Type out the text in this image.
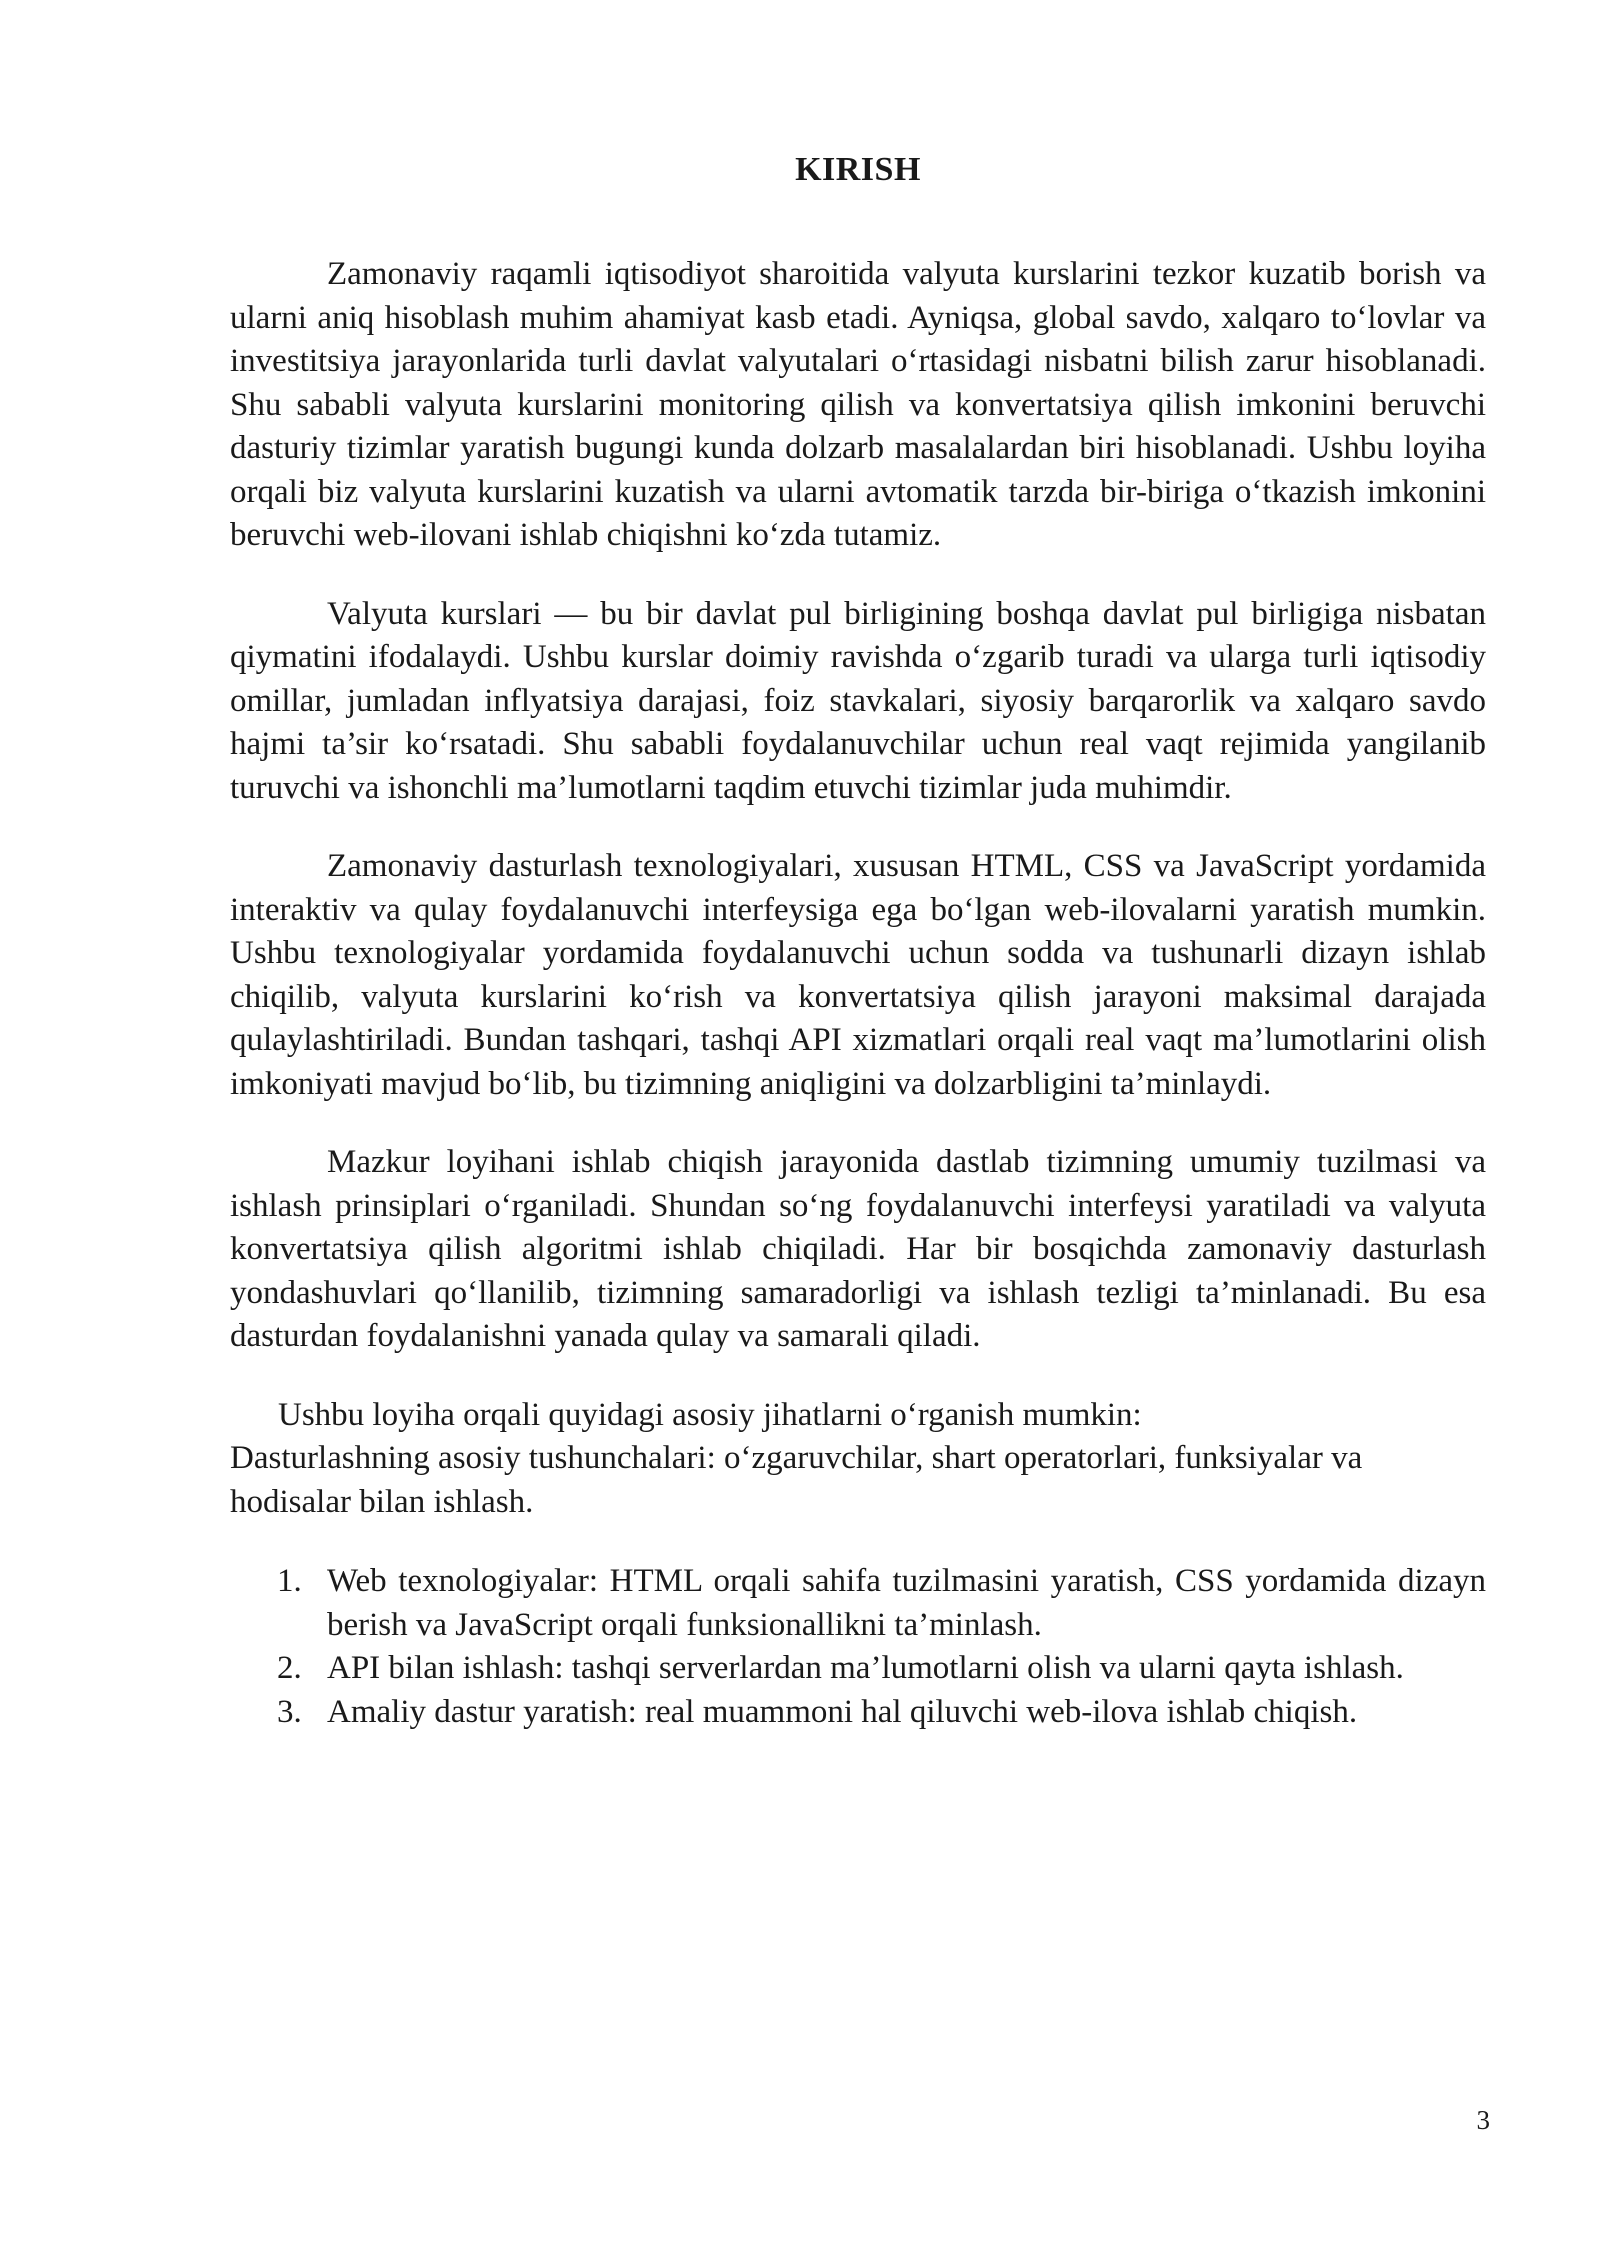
KIRISH

Zamonaviy raqamli iqtisodiyot sharoitida valyuta kurslarini tezkor kuzatib borish va ularni aniq hisoblash muhim ahamiyat kasb etadi. Ayniqsa, global savdo, xalqaro to‘lovlar va investitsiya jarayonlarida turli davlat valyutalari o‘rtasidagi nisbatni bilish zarur hisoblanadi. Shu sababli valyuta kurslarini monitoring qilish va konvertatsiya qilish imkonini beruvchi dasturiy tizimlar yaratish bugungi kunda dolzarb masalalardan biri hisoblanadi. Ushbu loyiha orqali biz valyuta kurslarini kuzatish va ularni avtomatik tarzda bir-biriga o‘tkazish imkonini beruvchi web-ilovani ishlab chiqishni ko‘zda tutamiz.

Valyuta kurslari — bu bir davlat pul birligining boshqa davlat pul birligiga nisbatan qiymatini ifodalaydi. Ushbu kurslar doimiy ravishda o‘zgarib turadi va ularga turli iqtisodiy omillar, jumladan inflyatsiya darajasi, foiz stavkalari, siyosiy barqarorlik va xalqaro savdo hajmi ta’sir ko‘rsatadi. Shu sababli foydalanuvchilar uchun real vaqt rejimida yangilanib turuvchi va ishonchli ma’lumotlarni taqdim etuvchi tizimlar juda muhimdir.

Zamonaviy dasturlash texnologiyalari, xususan HTML, CSS va JavaScript yordamida interaktiv va qulay foydalanuvchi interfeysiga ega bo‘lgan web-ilovalarni yaratish mumkin. Ushbu texnologiyalar yordamida foydalanuvchi uchun sodda va tushunarli dizayn ishlab chiqilib, valyuta kurslarini ko‘rish va konvertatsiya qilish jarayoni maksimal darajada qulaylashtiriladi. Bundan tashqari, tashqi API xizmatlari orqali real vaqt ma’lumotlarini olish imkoniyati mavjud bo‘lib, bu tizimning aniqligini va dolzarbligini ta’minlaydi.

Mazkur loyihani ishlab chiqish jarayonida dastlab tizimning umumiy tuzilmasi va ishlash prinsiplari o‘rganiladi. Shundan so‘ng foydalanuvchi interfeysi yaratiladi va valyuta konvertatsiya qilish algoritmi ishlab chiqiladi. Har bir bosqichda zamonaviy dasturlash yondashuvlari qo‘llanilib, tizimning samaradorligi va ishlash tezligi ta’minlanadi. Bu esa dasturdan foydalanishni yanada qulay va samarali qiladi.

Ushbu loyiha orqali quyidagi asosiy jihatlarni o‘rganish mumkin:

Dasturlashning asosiy tushunchalari: o‘zgaruvchilar, shart operatorlari, funksiyalar va hodisalar bilan ishlash.

1. Web texnologiyalar: HTML orqali sahifa tuzilmasini yaratish, CSS yordamida dizayn berish va JavaScript orqali funksionallikni ta’minlash.
2. API bilan ishlash: tashqi serverlardan ma’lumotlarni olish va ularni qayta ishlash.
3. Amaliy dastur yaratish: real muammoni hal qiluvchi web-ilova ishlab chiqish.
3
